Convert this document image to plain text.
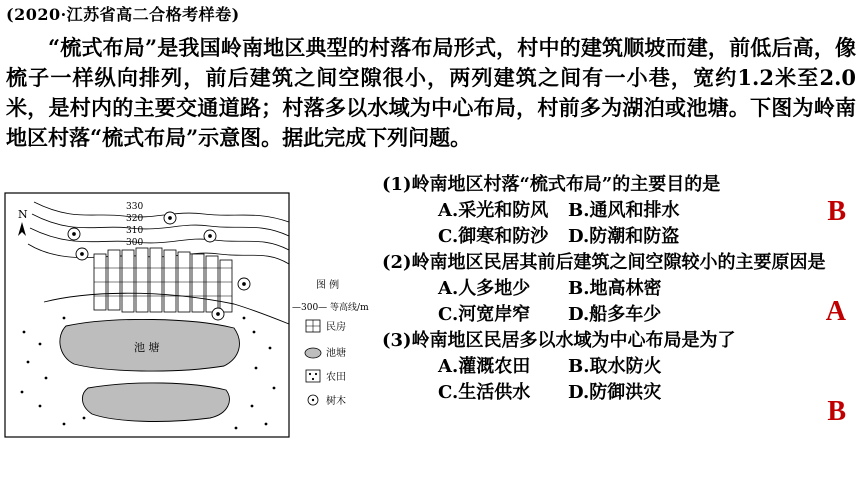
(2020·江苏省高二合格考样卷)
“梳式布局”是我国岭南地区典型的村落布局形式，村中的建筑顺坡而建，前低后高，像梳子一样纵向排列，前后建筑之间空隙很小，两列建筑之间有一小巷，宽约1.2米至2.0米，是村内的主要交通道路；村落多以水域为中心布局，村前多为湖泊或池塘。下图为岭南地区村落“梳式布局”示意图。据此完成下列问题。
N
330
320
310
300
池 塘
图 例
—300— 等高线/m
民房
池塘
农田
树木

(1)岭南地区村落“梳式布局”的主要目的是

A.采光和防风 B.通风和排水
C.御寒和防沙 D.防潮和防盗

(2)岭南地区民居其前后建筑之间空隙较小的主要原因是

A.人多地少 B.地高林密
C.河宽岸窄 D.船多车少

(3)岭南地区民居多以水域为中心布局是为了

A.灌溉农田 B.取水防火
C.生活供水 D.防御洪灾
B
A
B
